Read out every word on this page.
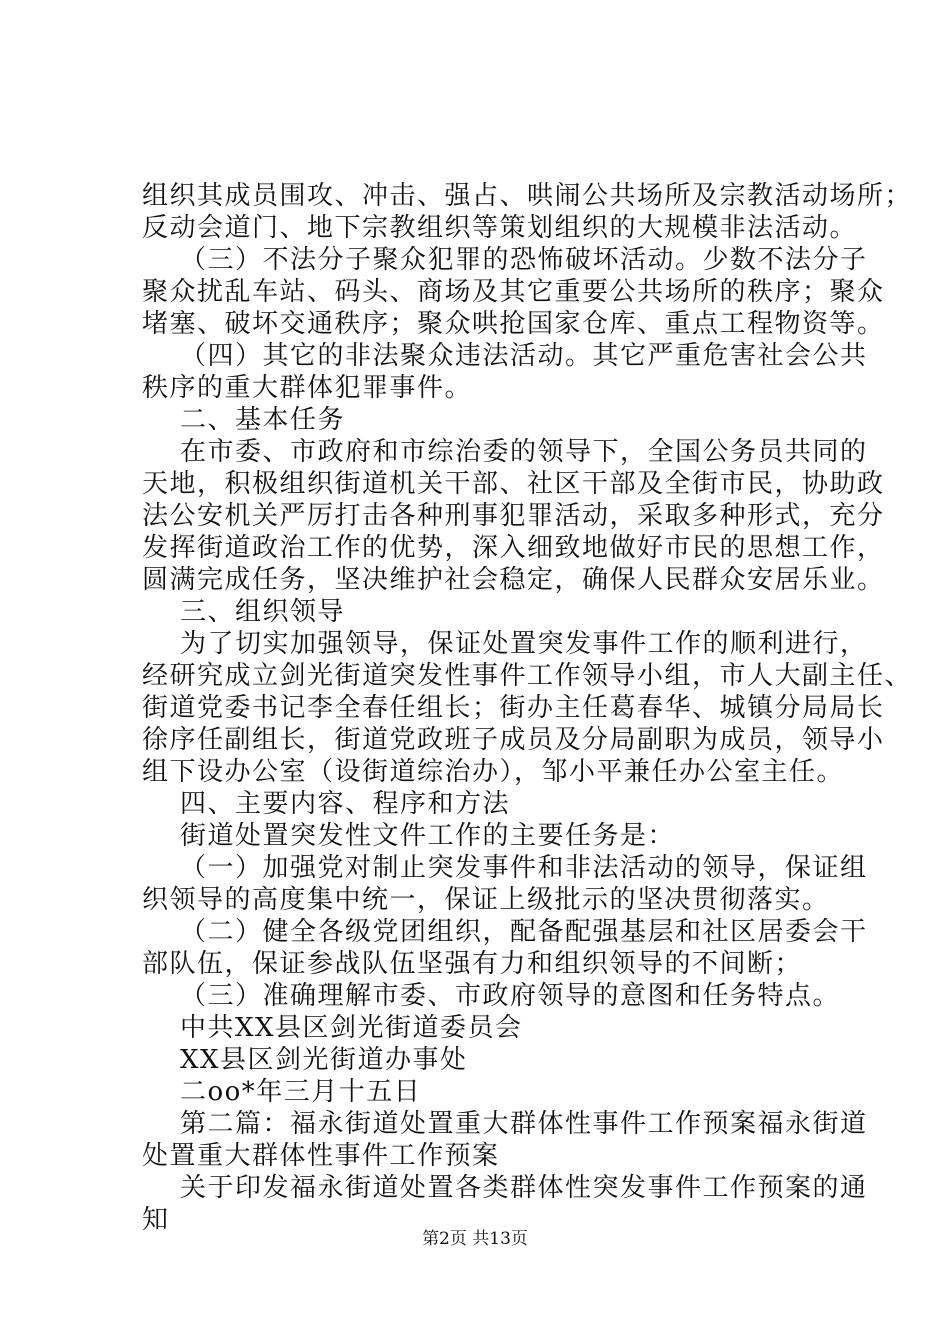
组织其成员围攻、冲击、强占、哄闹公共场所及宗教活动场所；
反动会道门、地下宗教组织等策划组织的大规模非法活动。
（三）不法分子聚众犯罪的恐怖破坏活动。少数不法分子
聚众扰乱车站、码头、商场及其它重要公共场所的秩序；聚众
堵塞、破坏交通秩序；聚众哄抢国家仓库、重点工程物资等。
（四）其它的非法聚众违法活动。其它严重危害社会公共
秩序的重大群体犯罪事件。
二、基本任务
在市委、市政府和市综治委的领导下，全国公务员共同的
天地，积极组织街道机关干部、社区干部及全街市民，协助政
法公安机关严厉打击各种刑事犯罪活动，采取多种形式，充分
发挥街道政治工作的优势，深入细致地做好市民的思想工作，
圆满完成任务，坚决维护社会稳定，确保人民群众安居乐业。
三、组织领导
为了切实加强领导，保证处置突发事件工作的顺利进行，
经研究成立剑光街道突发性事件工作领导小组，市人大副主任、
街道党委书记李全春任组长；街办主任葛春华、城镇分局局长
徐序任副组长，街道党政班子成员及分局副职为成员，领导小
组下设办公室（设街道综治办），邹小平兼任办公室主任。
四、主要内容、程序和方法
街道处置突发性文件工作的主要任务是：
（一）加强党对制止突发事件和非法活动的领导，保证组
织领导的高度集中统一，保证上级批示的坚决贯彻落实。
（二）健全各级党团组织，配备配强基层和社区居委会干
部队伍，保证参战队伍坚强有力和组织领导的不间断；
（三）准确理解市委、市政府领导的意图和任务特点。
中共XX县区剑光街道委员会
XX县区剑光街道办事处
二oo*年三月十五日
第二篇：福永街道处置重大群体性事件工作预案福永街道
处置重大群体性事件工作预案
关于印发福永街道处置各类群体性突发事件工作预案的通
知
第2页 共13页
